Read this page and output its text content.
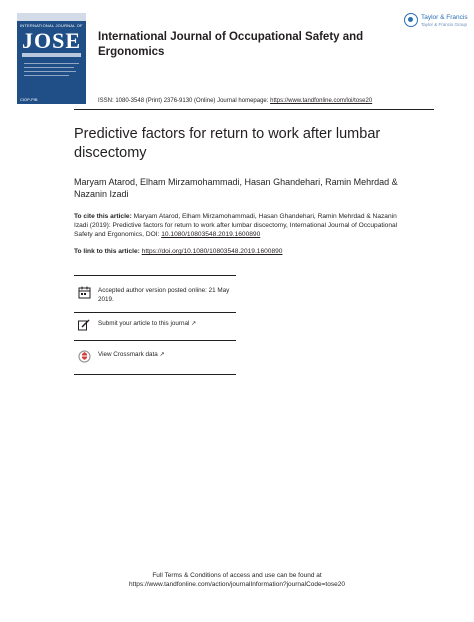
INTERNATIONAL JOURNAL OF
JOSE
CIOP-PIB
International Journal of Occupational Safety and Ergonomics
Taylor & Francis
Taylor & Francis Group
ISSN: 1080-3548 (Print) 2376-9130 (Online) Journal homepage: https://www.tandfonline.com/loi/tose20
Predictive factors for return to work after lumbar discectomy
Maryam Atarod, Elham Mirzamohammadi, Hasan Ghandehari, Ramin Mehrdad & Nazanin Izadi
To cite this article: Maryam Atarod, Elham Mirzamohammadi, Hasan Ghandehari, Ramin Mehrdad & Nazanin Izadi (2019): Predictive factors for return to work after lumbar discectomy, International Journal of Occupational Safety and Ergonomics, DOI: 10.1080/10803548.2019.1600890
To link to this article: https://doi.org/10.1080/10803548.2019.1600890
Accepted author version posted online: 21 May 2019.
Submit your article to this journal ↗
View Crossmark data ↗
Full Terms & Conditions of access and use can be found at
https://www.tandfonline.com/action/journalInformation?journalCode=tose20
